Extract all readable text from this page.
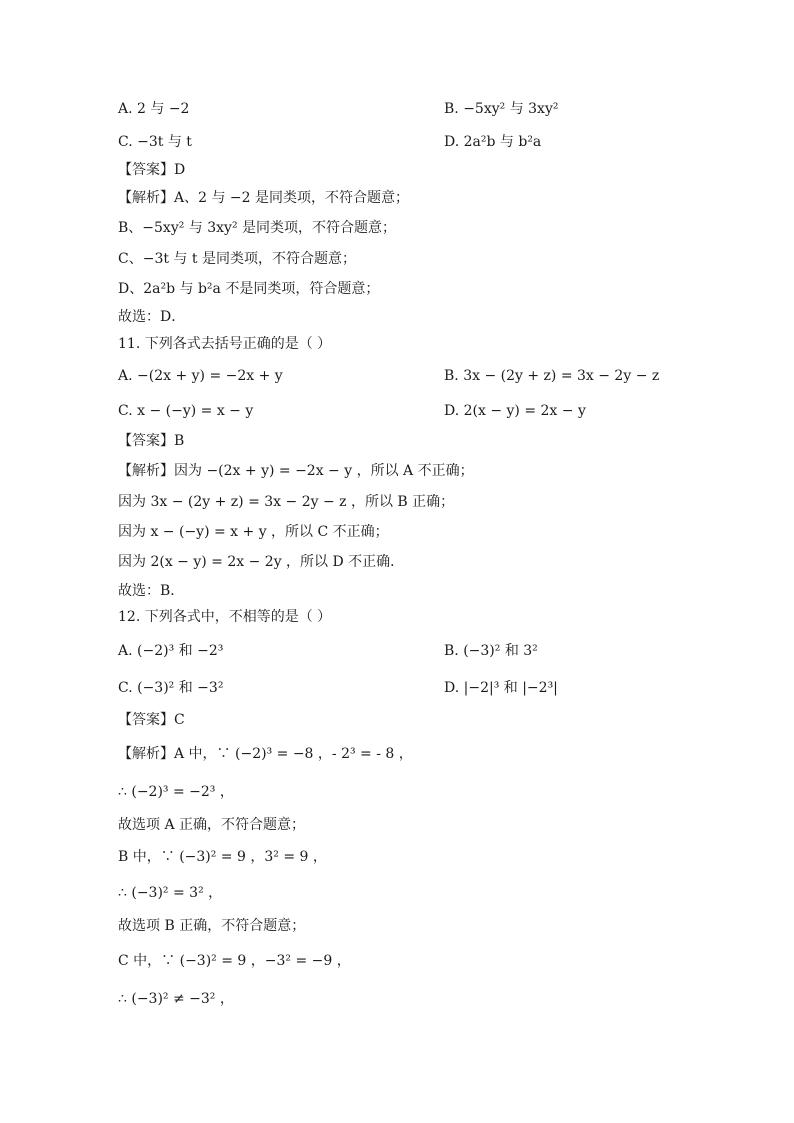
A. 2 与 −2	B. −5xy² 与 3xy²
C. −3t 与 t	D. 2a²b 与 b²a
【答案】D
【解析】A、2 与 −2 是同类项，不符合题意；
B、−5xy² 与 3xy² 是同类项，不符合题意；
C、−3t 与 t 是同类项，不符合题意；
D、2a²b 与 b²a 不是同类项，符合题意；
故选：D．
11. 下列各式去括号正确的是（ ）
A. −(2x + y) = −2x + y	B. 3x − (2y + z) = 3x − 2y − z
C. x − (−y) = x − y	D. 2(x − y) = 2x − y
【答案】B
【解析】因为 −(2x + y) = −2x − y ，所以 A 不正确；
因为 3x − (2y + z) = 3x − 2y − z ，所以 B 正确；
因为 x − (−y) = x + y ，所以 C 不正确；
因为 2(x − y) = 2x − 2y ，所以 D 不正确．
故选：B．
12. 下列各式中，不相等的是（ ）
A. (−2)³ 和 −2³	B. (−3)² 和 3²
C. (−3)² 和 −3²	D. |−2|³ 和 |−2³|
【答案】C
【解析】A 中，∵ (−2)³ = −8 ，- 2³ = - 8 ，
∴ (−2)³ = −2³ ，
故选项 A 正确，不符合题意；
B 中，∵ (−3)² = 9 ，3² = 9 ，
∴ (−3)² = 3² ，
故选项 B 正确，不符合题意；
C 中，∵ (−3)² = 9 ，−3² = −9 ，
∴ (−3)² ≠ −3² ，
